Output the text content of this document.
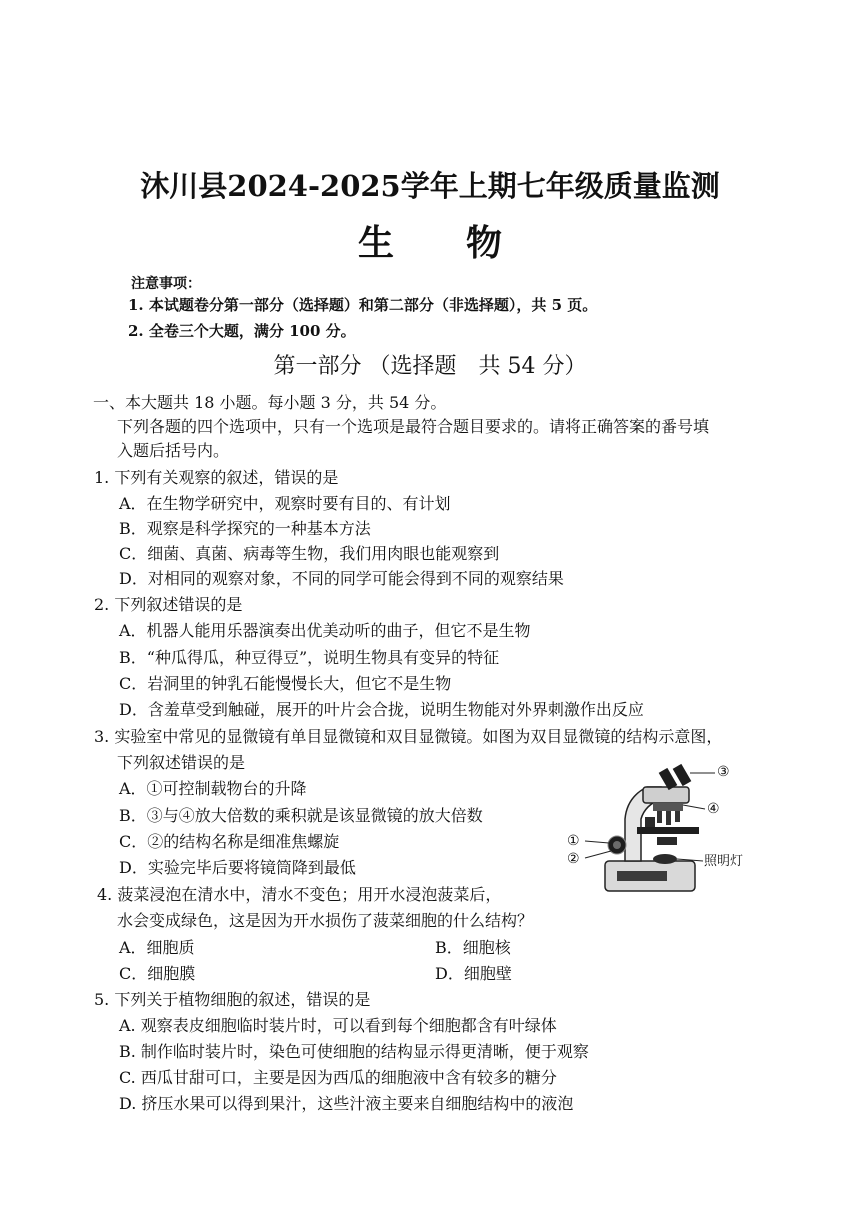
沐川县2024-2025学年上期七年级质量监测
生　　物
注意事项：
1. 本试题卷分第一部分（选择题）和第二部分（非选择题），共 5 页。
2. 全卷三个大题，满分 100 分。
第一部分 （选择题　共 54 分）
一、本大题共 18 小题。每小题 3 分，共 54 分。
下列各题的四个选项中，只有一个选项是最符合题目要求的。请将正确答案的番号填
入题后括号内。
1. 下列有关观察的叙述，错误的是
A．在生物学研究中，观察时要有目的、有计划
B．观察是科学探究的一种基本方法
C．细菌、真菌、病毒等生物，我们用肉眼也能观察到
D．对相同的观察对象，不同的同学可能会得到不同的观察结果
2. 下列叙述错误的是
A．机器人能用乐器演奏出优美动听的曲子，但它不是生物
B．“种瓜得瓜，种豆得豆”，说明生物具有变异的特征
C．岩洞里的钟乳石能慢慢长大，但它不是生物
D．含羞草受到触碰，展开的叶片会合拢，说明生物能对外界刺激作出反应
3. 实验室中常见的显微镜有单目显微镜和双目显微镜。如图为双目显微镜的结构示意图，
下列叙述错误的是
A．①可控制载物台的升降
B．③与④放大倍数的乘积就是该显微镜的放大倍数
C．②的结构名称是细准焦螺旋
D．实验完毕后要将镜筒降到最低
③
④
①
②	照明灯
4. 菠菜浸泡在清水中，清水不变色；用开水浸泡菠菜后，
水会变成绿色，这是因为开水损伤了菠菜细胞的什么结构？
A．细胞质	B．细胞核
C．细胞膜	D．细胞壁
5. 下列关于植物细胞的叙述，错误的是
A. 观察表皮细胞临时装片时，可以看到每个细胞都含有叶绿体
B. 制作临时装片时，染色可使细胞的结构显示得更清晰，便于观察
C. 西瓜甘甜可口，主要是因为西瓜的细胞液中含有较多的糖分
D. 挤压水果可以得到果汁，这些汁液主要来自细胞结构中的液泡
